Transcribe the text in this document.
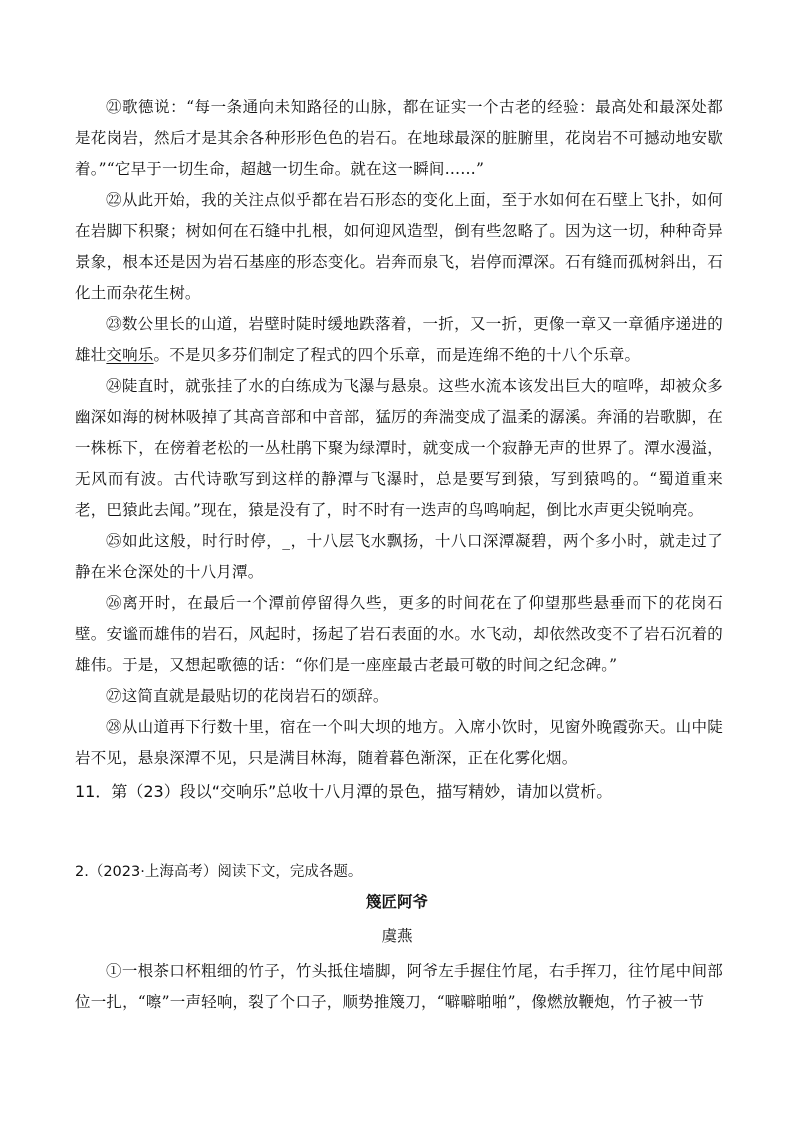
㉑歌德说：“每一条通向未知路径的山脉，都在证实一个古老的经验：最高处和最深处都是花岗岩，然后才是其余各种形形色色的岩石。在地球最深的脏腑里，花岗岩不可撼动地安歇着。”“它早于一切生命，超越一切生命。就在这一瞬间……”

㉒从此开始，我的关注点似乎都在岩石形态的变化上面，至于水如何在石壁上飞扑，如何在岩脚下积聚；树如何在石缝中扎根，如何迎风造型，倒有些忽略了。因为这一切，种种奇异景象，根本还是因为岩石基座的形态变化。岩奔而泉飞，岩停而潭深。石有缝而孤树斜出，石化土而杂花生树。

㉓数公里长的山道，岩壁时陡时缓地跌落着，一折，又一折，更像一章又一章循序递进的雄壮交响乐。不是贝多芬们制定了程式的四个乐章，而是连绵不绝的十八个乐章。

㉔陡直时，就张挂了水的白练成为飞瀑与悬泉。这些水流本该发出巨大的喧哗，却被众多幽深如海的树林吸掉了其高音部和中音部，猛厉的奔湍变成了温柔的潺溪。奔涌的岩歌脚，在一株栎下，在傍着老松的一丛杜鹃下聚为绿潭时，就变成一个寂静无声的世界了。潭水漫溢，无风而有波。古代诗歌写到这样的静潭与飞瀑时，总是要写到猿，写到猿鸣的。“蜀道重来老，巴猿此去闻。”现在，猿是没有了，时不时有一迭声的鸟鸣响起，倒比水声更尖锐响亮。

㉕如此这般，时行时停，_，十八层飞水飘扬，十八口深潭凝碧，两个多小时，就走过了静在米仓深处的十八月潭。

㉖离开时，在最后一个潭前停留得久些，更多的时间花在了仰望那些悬垂而下的花岗石壁。安谧而雄伟的岩石，风起时，扬起了岩石表面的水。水飞动，却依然改变不了岩石沉着的雄伟。于是，又想起歌德的话：“你们是一座座最古老最可敬的时间之纪念碑。”

㉗这简直就是最贴切的花岗岩石的颂辞。

㉘从山道再下行数十里，宿在一个叫大坝的地方。入席小饮时，见窗外晚霞弥天。山中陡岩不见，悬泉深潭不见，只是满目林海，随着暮色渐深，正在化雾化烟。

11．第（23）段以“交响乐”总收十八月潭的景色，描写精妙，请加以赏析。

2.（2023·上海高考）阅读下文，完成各题。

篾匠阿爷

虞燕

①一根茶口杯粗细的竹子，竹头抵住墙脚，阿爷左手握住竹尾，右手挥刀，往竹尾中间部位一扎，“嚓”一声轻响，裂了个口子，顺势推篾刀，“噼噼啪啪”，像燃放鞭炮，竹子被一节
